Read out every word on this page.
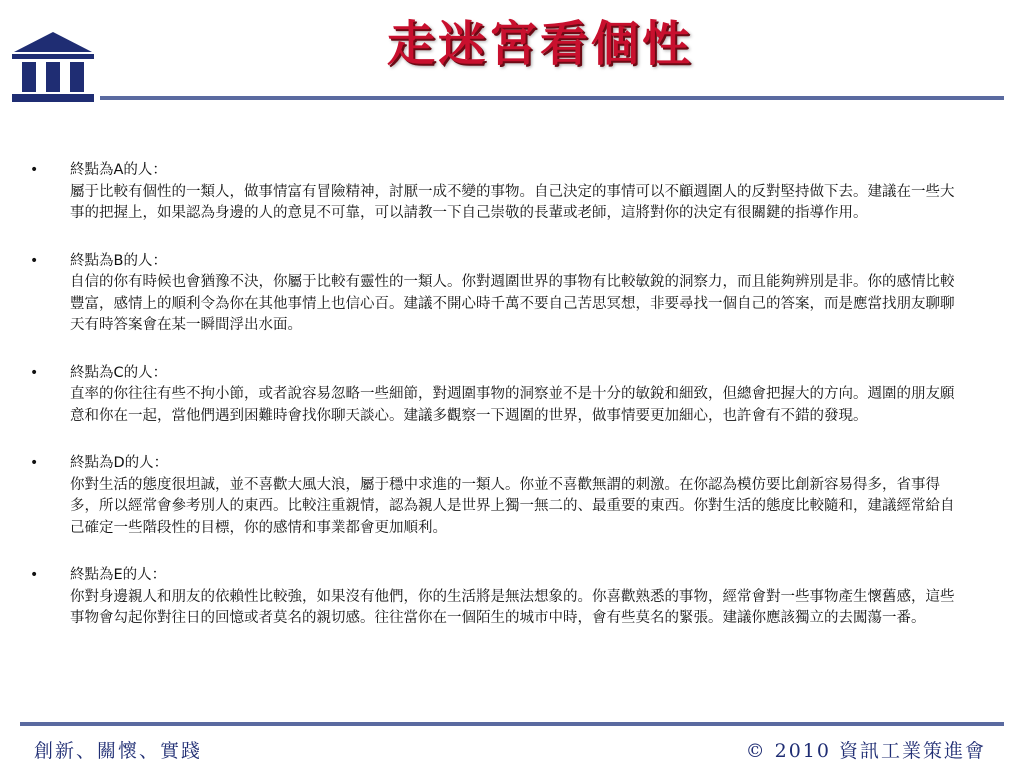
走迷宮看個性
•	終點為A的人：
屬于比較有個性的一類人，做事情富有冒險精神，討厭一成不變的事物。自己決定的事情可以不顧週圍人的反對堅持做下去。建議在一些大事的把握上，如果認為身邊的人的意見不可靠，可以請教一下自己崇敬的長輩或老師，這將對你的決定有很關鍵的指導作用。
•	終點為B的人：
自信的你有時候也會猶豫不決，你屬于比較有靈性的一類人。你對週圍世界的事物有比較敏銳的洞察力，而且能夠辨別是非。你的感情比較豐富，感情上的順利令為你在其他事情上也信心百。建議不開心時千萬不要自己苦思冥想，非要尋找一個自己的答案，而是應當找朋友聊聊天有時答案會在某一瞬間浮出水面。
•	終點為C的人：
直率的你往往有些不拘小節，或者說容易忽略一些細節，對週圍事物的洞察並不是十分的敏銳和細致，但總會把握大的方向。週圍的朋友願意和你在一起，當他們遇到困難時會找你聊天談心。建議多觀察一下週圍的世界，做事情要更加細心，也許會有不錯的發現。
•	終點為D的人：
你對生活的態度很坦誠，並不喜歡大風大浪，屬于穩中求進的一類人。你並不喜歡無謂的刺激。在你認為模仿要比創新容易得多，省事得多，所以經常會參考別人的東西。比較注重親情，認為親人是世界上獨一無二的、最重要的東西。你對生活的態度比較隨和，建議經常給自己確定一些階段性的目標，你的感情和事業都會更加順利。
•	終點為E的人：
你對身邊親人和朋友的依賴性比較強，如果沒有他們，你的生活將是無法想象的。你喜歡熟悉的事物，經常會對一些事物產生懷舊感，這些事物會勾起你對往日的回憶或者莫名的親切感。往往當你在一個陌生的城市中時，會有些莫名的緊張。建議你應該獨立的去闖蕩一番。
創新、關懷、實踐	© 2010 資訊工業策進會
